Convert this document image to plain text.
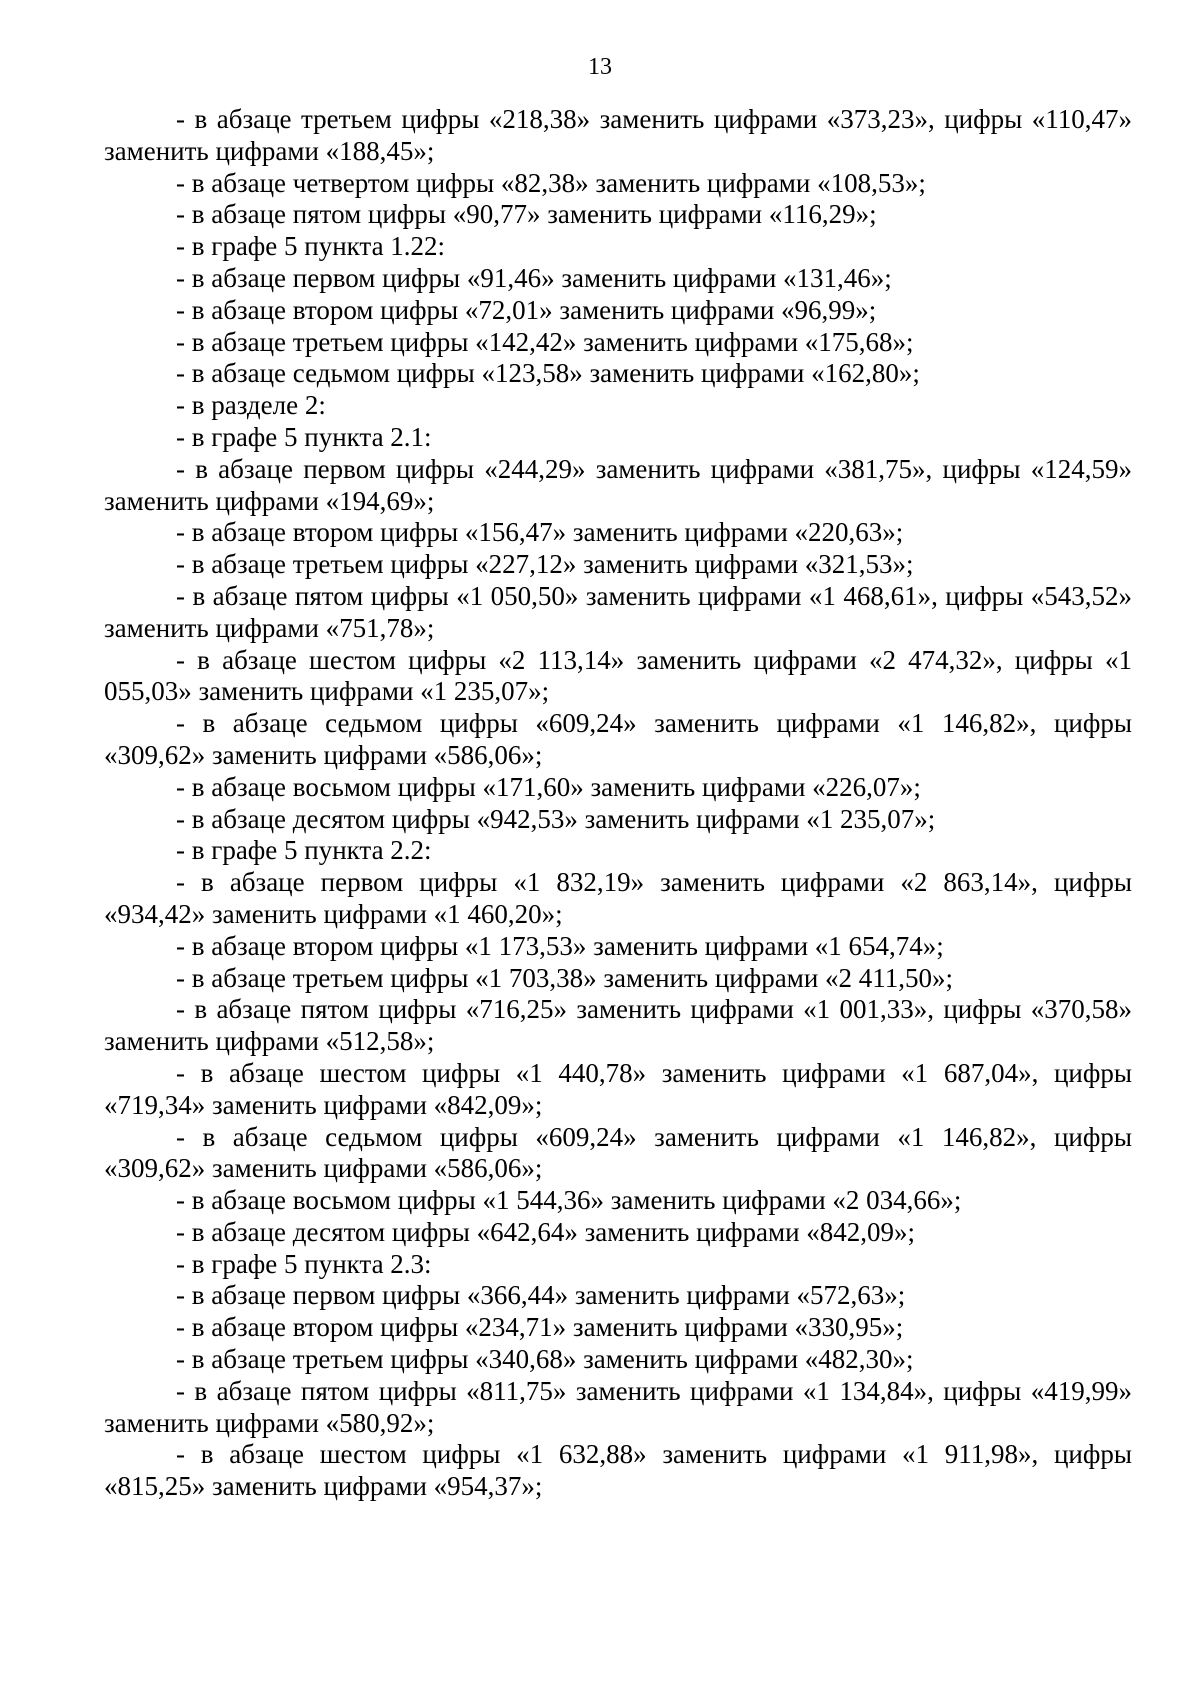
13

- в абзаце третьем цифры «218,38» заменить цифрами «373,23», цифры «110,47» заменить цифрами «188,45»;

- в абзаце четвертом цифры «82,38» заменить цифрами «108,53»;

- в абзаце пятом цифры «90,77» заменить цифрами «116,29»;

- в графе 5 пункта 1.22:

- в абзаце первом цифры «91,46» заменить цифрами «131,46»;

- в абзаце втором цифры «72,01» заменить цифрами «96,99»;

- в абзаце третьем цифры «142,42» заменить цифрами «175,68»;

- в абзаце седьмом цифры «123,58» заменить цифрами «162,80»;

- в разделе 2:

- в графе 5 пункта 2.1:

- в абзаце первом цифры «244,29» заменить цифрами «381,75», цифры «124,59» заменить цифрами «194,69»;

- в абзаце втором цифры «156,47» заменить цифрами «220,63»;

- в абзаце третьем цифры «227,12» заменить цифрами «321,53»;

- в абзаце пятом цифры «1 050,50» заменить цифрами «1 468,61», цифры «543,52» заменить цифрами «751,78»;

- в абзаце шестом цифры «2 113,14» заменить цифрами «2 474,32», цифры «1 055,03» заменить цифрами «1 235,07»;

- в абзаце седьмом цифры «609,24» заменить цифрами «1 146,82», цифры «309,62» заменить цифрами «586,06»;

- в абзаце восьмом цифры «171,60» заменить цифрами «226,07»;

- в абзаце десятом цифры «942,53» заменить цифрами «1 235,07»;

- в графе 5 пункта 2.2:

- в абзаце первом цифры «1 832,19» заменить цифрами «2 863,14», цифры «934,42» заменить цифрами «1 460,20»;

- в абзаце втором цифры «1 173,53» заменить цифрами «1 654,74»;

- в абзаце третьем цифры «1 703,38» заменить цифрами «2 411,50»;

- в абзаце пятом цифры «716,25» заменить цифрами «1 001,33», цифры «370,58» заменить цифрами «512,58»;

- в абзаце шестом цифры «1 440,78» заменить цифрами «1 687,04», цифры «719,34» заменить цифрами «842,09»;

- в абзаце седьмом цифры «609,24» заменить цифрами «1 146,82», цифры «309,62» заменить цифрами «586,06»;

- в абзаце восьмом цифры «1 544,36» заменить цифрами «2 034,66»;

- в абзаце десятом цифры «642,64» заменить цифрами «842,09»;

- в графе 5 пункта 2.3:

- в абзаце первом цифры «366,44» заменить цифрами «572,63»;

- в абзаце втором цифры «234,71» заменить цифрами «330,95»;

- в абзаце третьем цифры «340,68» заменить цифрами «482,30»;

- в абзаце пятом цифры «811,75» заменить цифрами «1 134,84», цифры «419,99» заменить цифрами «580,92»;

- в абзаце шестом цифры «1 632,88» заменить цифрами «1 911,98», цифры «815,25» заменить цифрами «954,37»;
